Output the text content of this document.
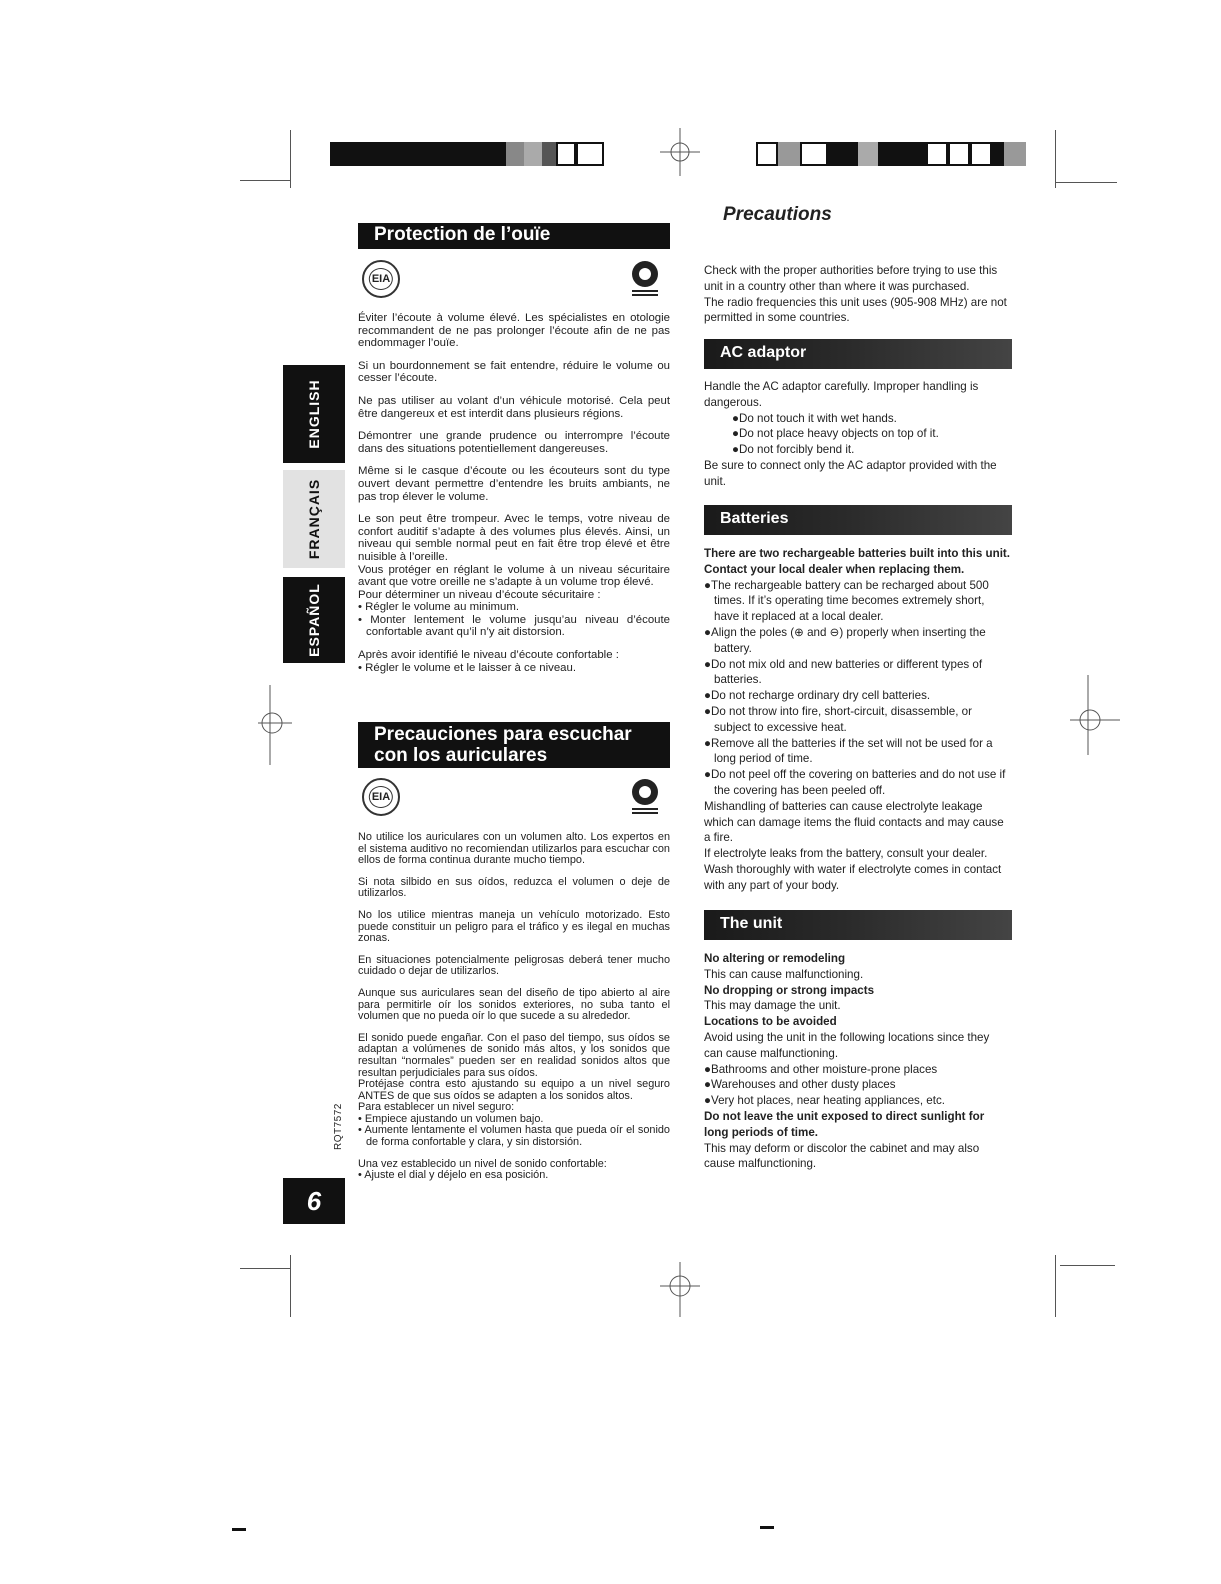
ENGLISH
FRANÇAIS
ESPAÑOL
Protection de l’ouïe
EIA

Éviter l’écoute à volume élevé. Les spécialistes en otologie recommandent de ne pas prolonger l’écoute afin de ne pas endommager l’ouïe.

Si un bourdonnement se fait entendre, réduire le volume ou cesser l’écoute.

Ne pas utiliser au volant d’un véhicule motorisé. Cela peut être dangereux et est interdit dans plusieurs régions.

Démontrer une grande prudence ou interrompre l’écoute dans des situations potentiellement dangereuses.

Même si le casque d’écoute ou les écouteurs sont du type ouvert devant permettre d’entendre les bruits ambiants, ne pas trop élever le volume.

Le son peut être trompeur. Avec le temps, votre niveau de confort auditif s’adapte à des volumes plus élevés. Ainsi, un niveau qui semble normal peut en fait être trop élevé et être nuisible à l’oreille.
Vous protéger en réglant le volume à un niveau sécuritaire avant que votre oreille ne s’adapte à un volume trop élevé.
Pour déterminer un niveau d’écoute sécuritaire :
• Régler le volume au minimum.
• Monter lentement le volume jusqu’au niveau d’écoute confortable avant qu’il n’y ait distorsion.

Après avoir identifié le niveau d’écoute confortable :
• Régler le volume et le laisser à ce niveau.

Precauciones para escuchar
con los auriculares
EIA

No utilice los auriculares con un volumen alto. Los expertos en el sistema auditivo no recomiendan utilizarlos para escuchar con ellos de forma continua durante mucho tiempo.

Si nota silbido en sus oídos, reduzca el volumen o deje de utilizarlos.

No los utilice mientras maneja un vehículo motorizado. Esto puede constituir un peligro para el tráfico y es ilegal en muchas zonas.

En situaciones potencialmente peligrosas deberá tener mucho cuidado o dejar de utilizarlos.

Aunque sus auriculares sean del diseño de tipo abierto al aire para permitirle oír los sonidos exteriores, no suba tanto el volumen que no pueda oír lo que sucede a su alrededor.

El sonido puede engañar. Con el paso del tiempo, sus oídos se adaptan a volúmenes de sonido más altos, y los sonidos que resultan “normales” pueden ser en realidad sonidos altos que resultan perjudiciales para sus oídos.
Protéjase contra esto ajustando su equipo a un nivel seguro ANTES de que sus oídos se adapten a los sonidos altos.
Para establecer un nivel seguro:
• Empiece ajustando un volumen bajo.
• Aumente lentamente el volumen hasta que pueda oír el sonido de forma confortable y clara, y sin distorsión.

Una vez establecido un nivel de sonido confortable:
• Ajuste el dial y déjelo en esa posición.

RQT7572
6
Precautions

Check with the proper authorities before trying to use this unit in a country other than where it was purchased.

The radio frequencies this unit uses (905-908 MHz) are not permitted in some countries.

AC adaptor

Handle the AC adaptor carefully. Improper handling is dangerous.

●Do not touch it with wet hands.

●Do not place heavy objects on top of it.

●Do not forcibly bend it.

Be sure to connect only the AC adaptor provided with the unit.

Batteries

There are two rechargeable batteries built into this unit. Contact your local dealer when replacing them.

●The rechargeable battery can be recharged about 500 times. If it’s operating time becomes extremely short, have it replaced at a local dealer.

●Align the poles (⊕ and ⊖) properly when inserting the battery.

●Do not mix old and new batteries or different types of batteries.

●Do not recharge ordinary dry cell batteries.

●Do not throw into fire, short-circuit, disassemble, or subject to excessive heat.

●Remove all the batteries if the set will not be used for a long period of time.

●Do not peel off the covering on batteries and do not use if the covering has been peeled off.

Mishandling of batteries can cause electrolyte leakage which can damage items the fluid contacts and may cause a fire.

If electrolyte leaks from the battery, consult your dealer. Wash thoroughly with water if electrolyte comes in contact with any part of your body.

The unit

No altering or remodeling

This can cause malfunctioning.

No dropping or strong impacts

This may damage the unit.

Locations to be avoided

Avoid using the unit in the following locations since they can cause malfunctioning.

●Bathrooms and other moisture-prone places

●Warehouses and other dusty places

●Very hot places, near heating appliances, etc.

Do not leave the unit exposed to direct sunlight for long periods of time.

This may deform or discolor the cabinet and may also cause malfunctioning.
